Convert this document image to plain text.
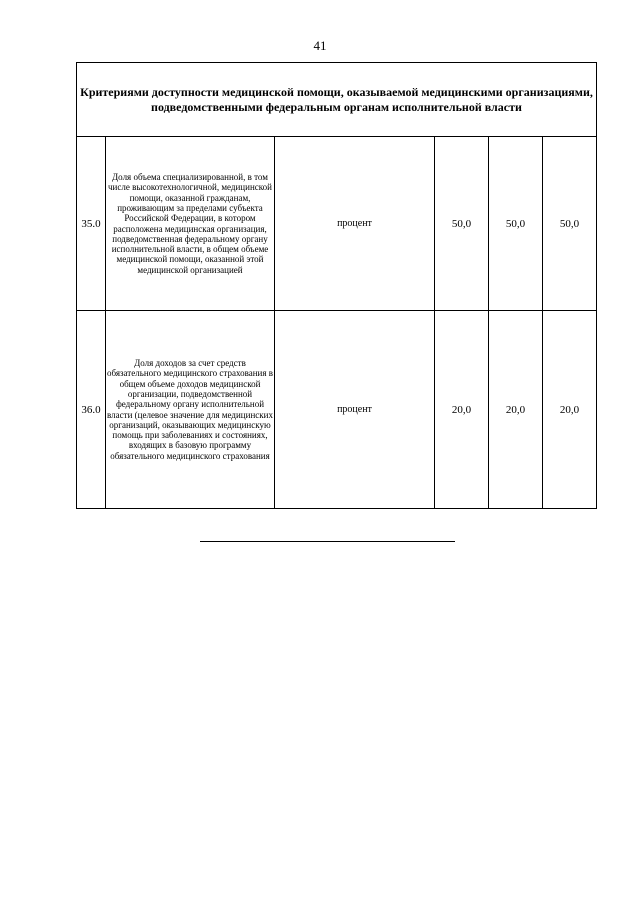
41
Критериями доступности медицинской помощи, оказываемой медицинскими организациями, подведомственными федеральным органам исполнительной власти					
35.0	Доля объема специализированной, в том числе высокотехнологичной, медицинской помощи, оказанной гражданам, проживающим за пределами субъекта Российской Федерации, в котором расположена медицинская организация, подведомственная федеральному органу исполнительной власти, в общем объеме медицинской помощи, оказанной этой медицинской организацией	процент	50,0	50,0	50,0
36.0	Доля доходов за счет средств обязательного медицинского страхования в общем объеме доходов медицинской организации, подведомственной федеральному органу исполнительной власти (целевое значение для медицинских организаций, оказывающих медицинскую помощь при заболеваниях и состояниях, входящих в базовую программу обязательного медицинского страхования	процент	20,0	20,0	20,0
